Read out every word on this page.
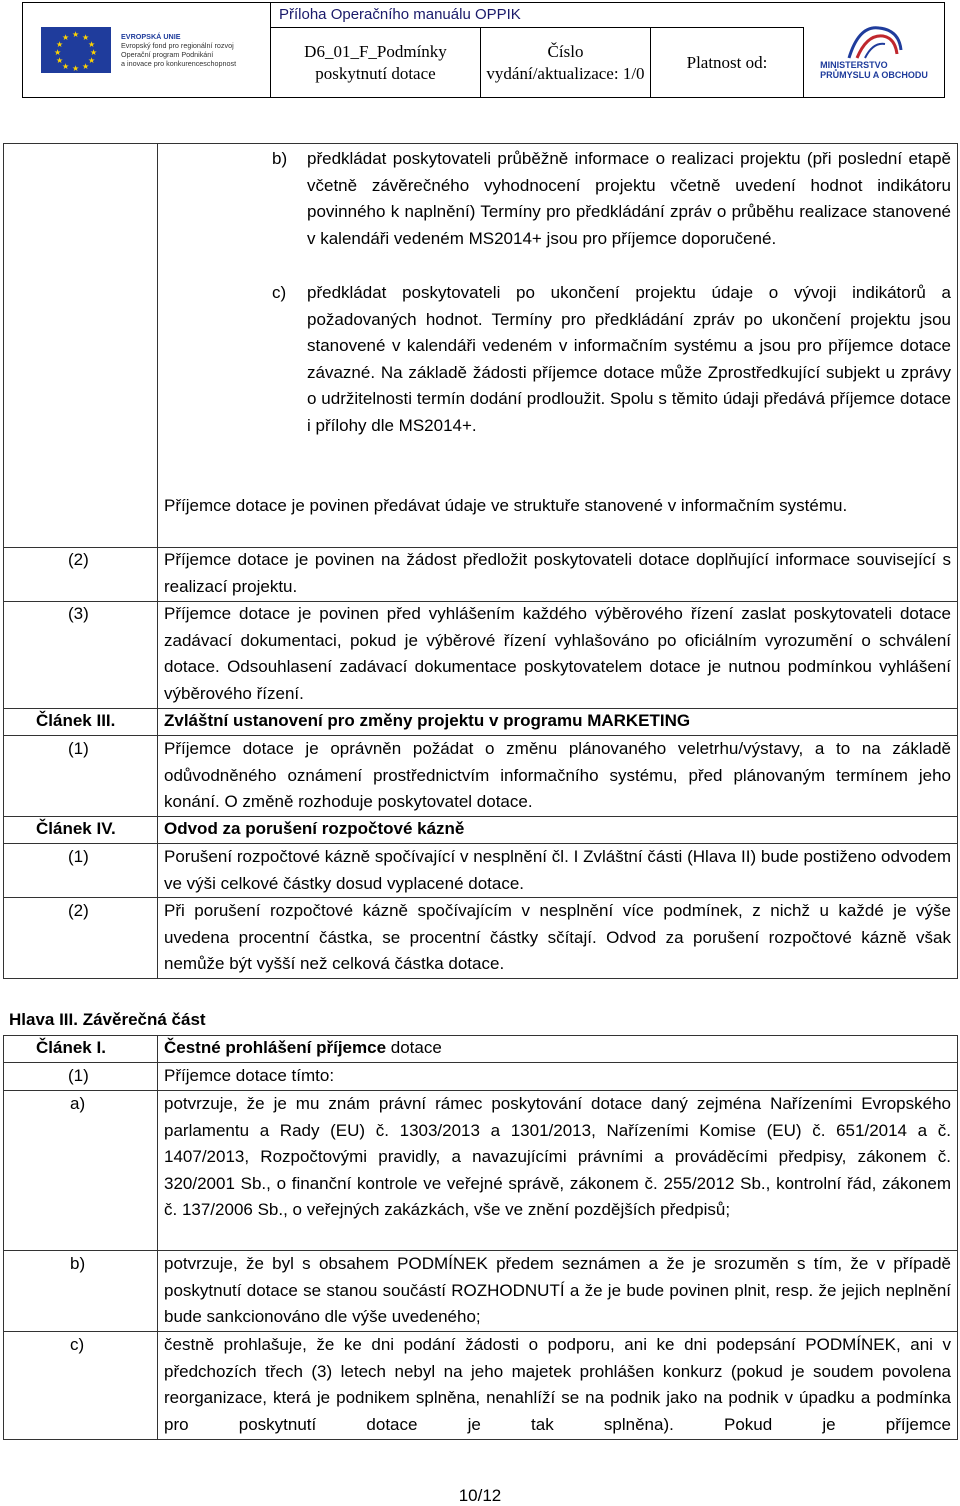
★ ★
★
★
★
★
★
★
★
★
★
★	EVROPSKÁ UNIE
Evropský fond pro regionální rozvoj
Operační program Podnikání
a inovace pro konkurenceschopnost
Příloha Operačního manuálu OPPIK
D6_01_F_Podmínky poskytnutí dotace
Číslo vydání/aktualizace: 1/0
Platnost od:	MINISTERSTVO
PRŮMYSLU A OBCHODU
b) předkládat poskytovateli průběžně informace o realizaci projektu (při poslední etapě včetně závěrečného vyhodnocení projektu včetně uvedení hodnot indikátoru povinného k naplnění) Termíny pro předkládání zpráv o průběhu realizace stanovené v kalendáři vedeném MS2014+ jsou pro příjemce doporučené.
c) předkládat poskytovateli po ukončení projektu údaje o vývoji indikátorů a požadovaných hodnot. Termíny pro předkládání zpráv po ukončení projektu jsou stanovené v kalendáři vedeném v informačním systému a jsou pro příjemce dotace závazné. Na základě žádosti příjemce dotace může Zprostředkující subjekt u zprávy o udržitelnosti termín dodání prodloužit. Spolu s těmito údaji předává příjemce dotace i přílohy dle MS2014+.
Příjemce dotace je povinen předávat údaje ve struktuře stanovené v informačním systému.
(2)	Příjemce dotace je povinen na žádost předložit poskytovateli dotace doplňující informace související s realizací projektu.
(3)	Příjemce dotace je povinen před vyhlášením každého výběrového řízení zaslat poskytovateli dotace zadávací dokumentaci, pokud je výběrové řízení vyhlašováno po oficiálním vyrozumění o schválení dotace. Odsouhlasení zadávací dokumentace poskytovatelem dotace je nutnou podmínkou vyhlášení výběrového řízení.
Článek III.	Zvláštní ustanovení pro změny projektu v programu MARKETING
(1)	Příjemce dotace je oprávněn požádat o změnu plánovaného veletrhu/výstavy, a to na základě odůvodněného oznámení prostřednictvím informačního systému, před plánovaným termínem jeho konání. O změně rozhoduje poskytovatel dotace.
Článek IV.	Odvod za porušení rozpočtové kázně
(1)	Porušení rozpočtové kázně spočívající v nesplnění čl. I Zvláštní části (Hlava II) bude postiženo odvodem ve výši celkové částky dosud vyplacené dotace.
(2)	Při porušení rozpočtové kázně spočívajícím v nesplnění více podmínek, z nichž u každé je výše uvedena procentní částka, se procentní částky sčítají. Odvod za porušení rozpočtové kázně však nemůže být vyšší než celková částka dotace.
Hlava III. Závěrečná část
Článek I.	Čestné prohlášení příjemce dotace
(1)	Příjemce dotace tímto:
a)	potvrzuje, že je mu znám právní rámec poskytování dotace daný zejména Nařízeními Evropského parlamentu a Rady (EU) č. 1303/2013 a 1301/2013, Nařízeními Komise (EU) č. 651/2014 a č. 1407/2013, Rozpočtovými pravidly, a navazujícími právními a prováděcími předpisy, zákonem č. 320/2001 Sb., o finanční kontrole ve veřejné správě, zákonem č. 255/2012 Sb., kontrolní řád, zákonem č. 137/2006 Sb., o veřejných zakázkách, vše ve znění pozdějších předpisů;
b)	potvrzuje, že byl s obsahem PODMÍNEK předem seznámen a že je srozuměn s tím, že v případě poskytnutí dotace se stanou součástí ROZHODNUTÍ a že je bude povinen plnit, resp. že jejich neplnění bude sankcionováno dle výše uvedeného;
c)	čestně prohlašuje, že ke dni podání žádosti o podporu, ani ke dni podepsání PODMÍNEK, ani v předchozích třech (3) letech nebyl na jeho majetek prohlášen konkurz (pokud je soudem povolena reorganizace, která je podnikem splněna, nenahlíží se na podnik jako na podnik v úpadku a podmínka pro poskytnutí dotace je tak splněna). Pokud je příjemce
10/12
